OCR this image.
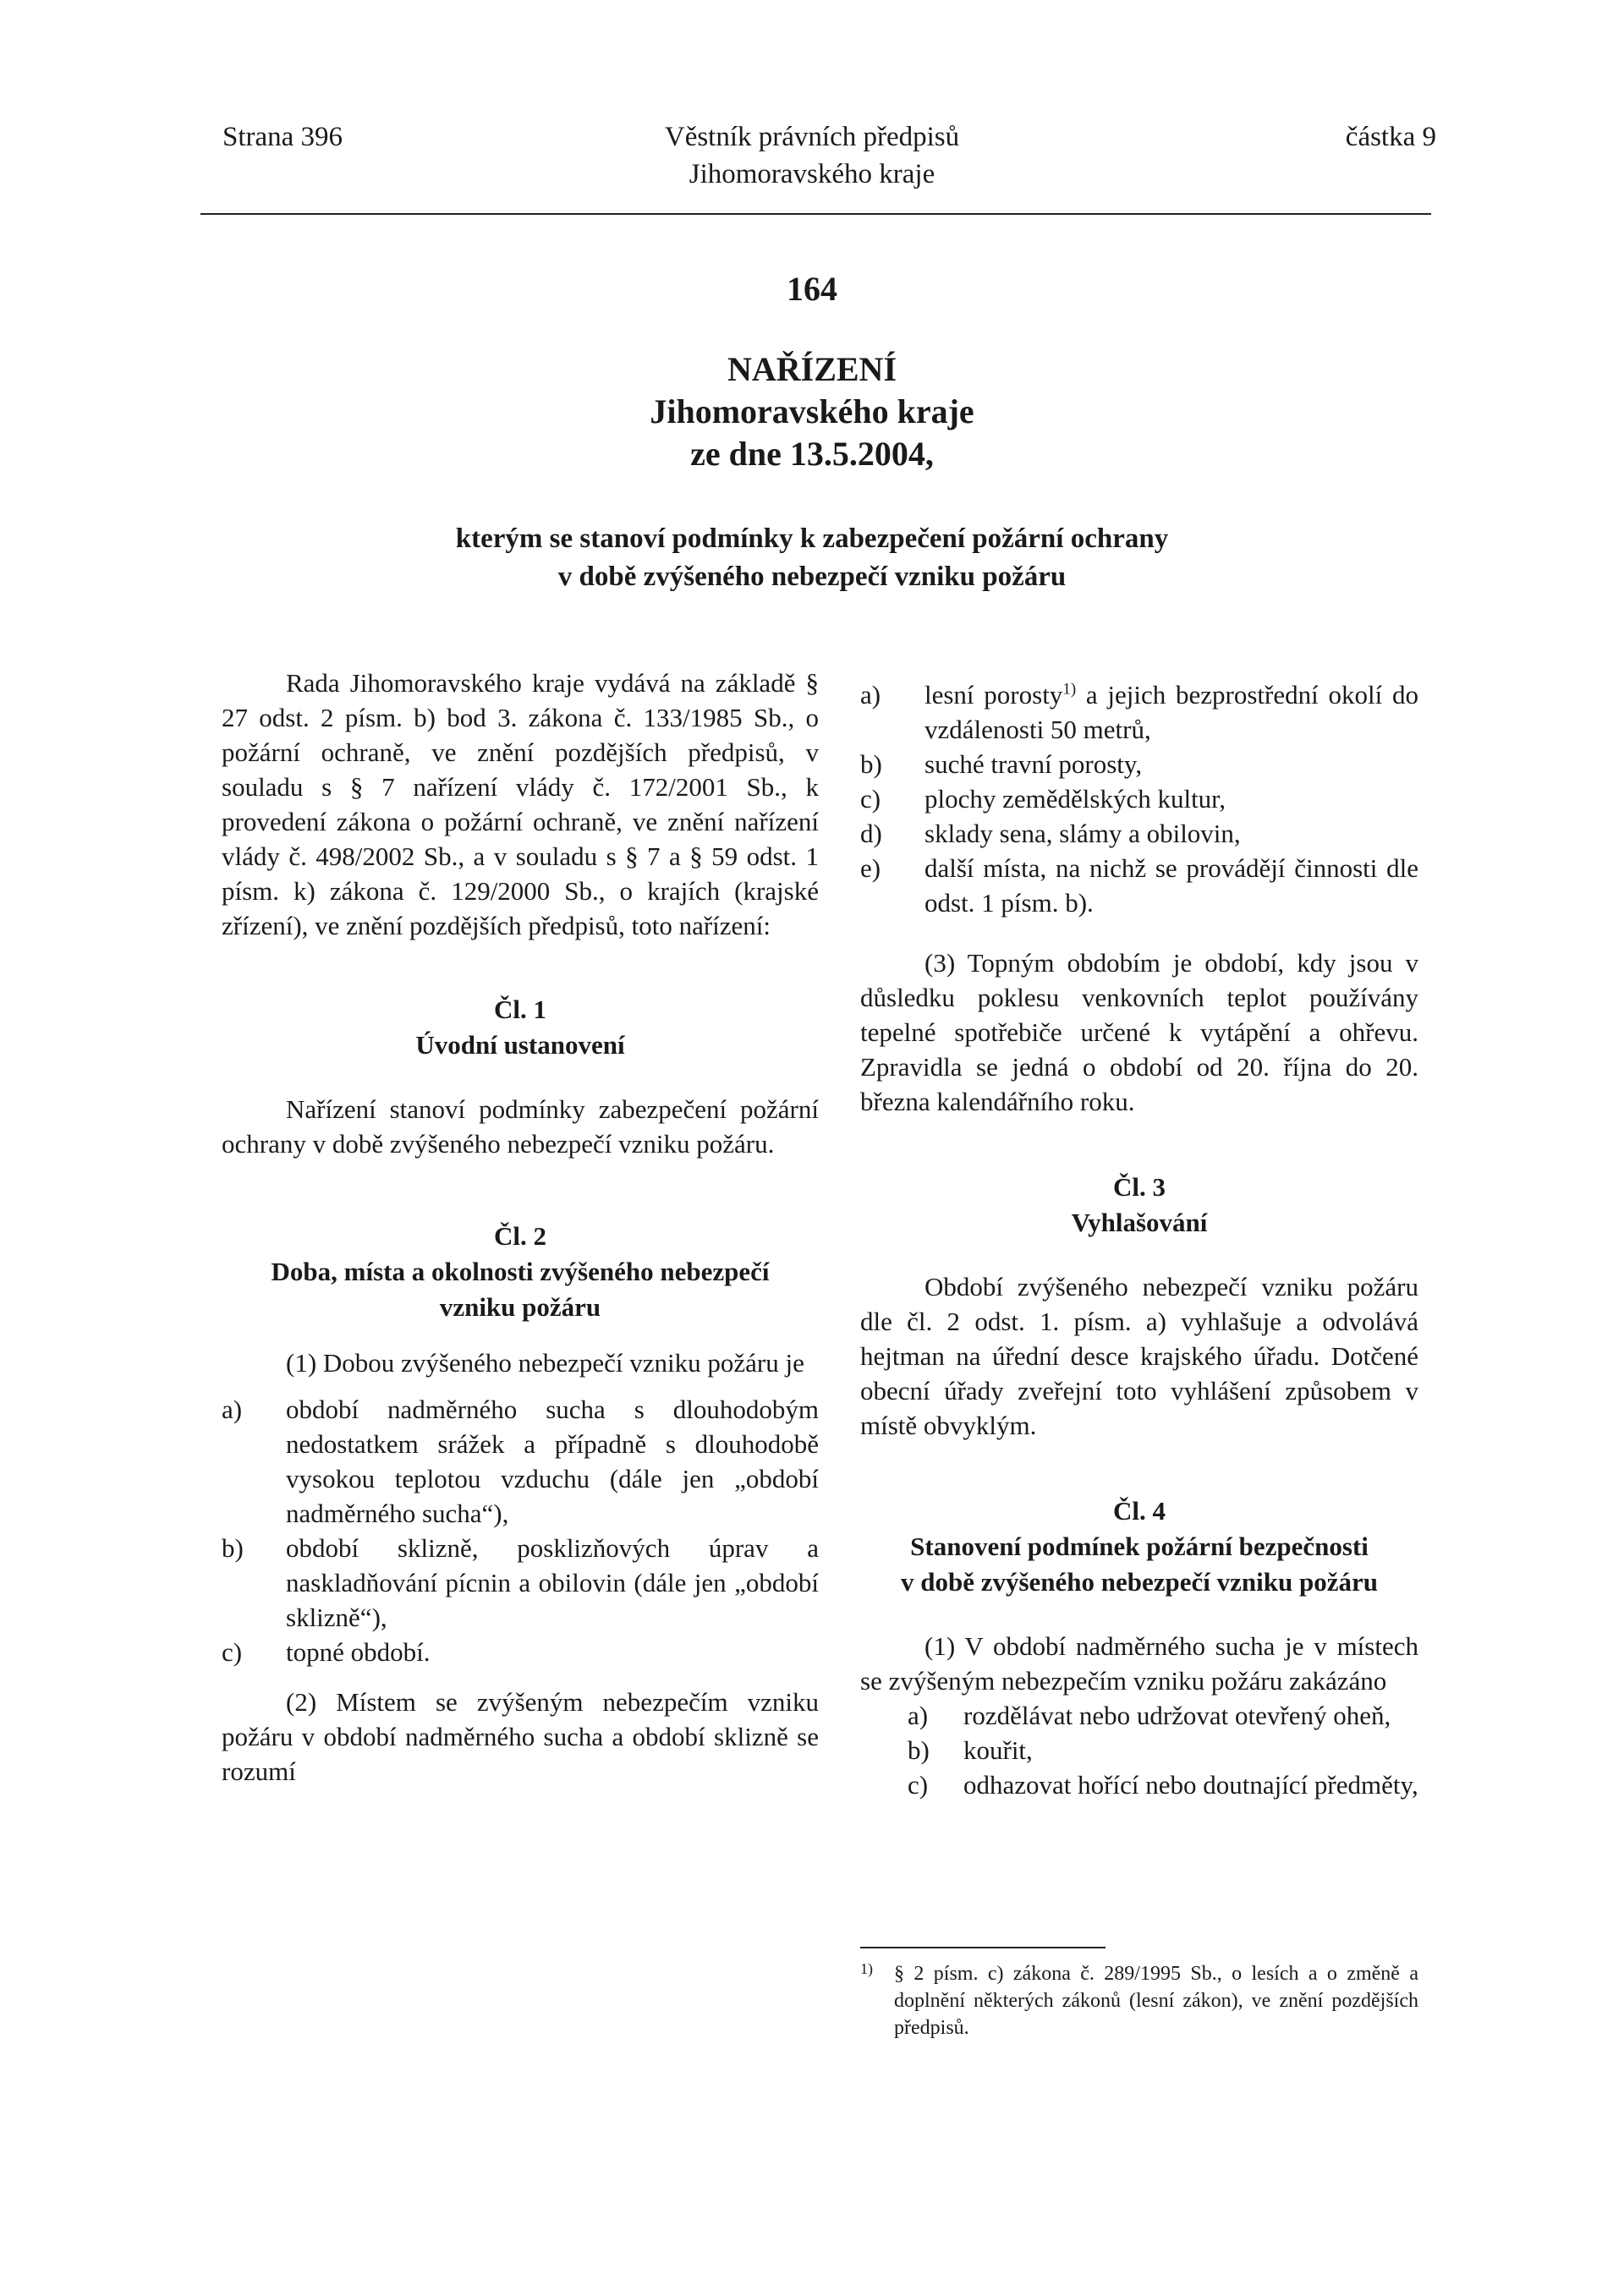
Strana 396	Věstník právních předpisů
Jihomoravského kraje
částka 9
164
NAŘÍZENÍ
Jihomoravského kraje
ze dne 13.5.2004,
kterým se stanoví podmínky k zabezpečení požární ochrany
v době zvýšeného nebezpečí vzniku požáru

Rada Jihomoravského kraje vydává na základě § 27 odst. 2 písm. b) bod 3. zákona č. 133/1985 Sb., o požární ochraně, ve znění pozdějších předpisů, v souladu s § 7 nařízení vlády č. 172/2001 Sb., k provedení zákona o požární ochraně, ve znění nařízení vlády č. 498/2002 Sb., a v souladu s § 7 a § 59 odst. 1 písm. k) zákona č. 129/2000 Sb., o krajích (krajské zřízení), ve znění pozdějších předpisů, toto nařízení:

Čl. 1
Úvodní ustanovení

Nařízení stanoví podmínky zabezpečení požární ochrany v době zvýšeného nebezpečí vzniku požáru.

Čl. 2
Doba, místa a okolnosti zvýšeného nebezpečí
vzniku požáru

(1) Dobou zvýšeného nebezpečí vzniku požáru je

a) období nadměrného sucha s dlouhodobým nedostatkem srážek a případně s dlouhodobě vysokou teplotou vzduchu (dále jen „období nadměrného sucha“),
b) období sklizně, posklizňových úprav a naskladňování pícnin a obilovin (dále jen „období sklizně“),
c) topné období.

(2) Místem se zvýšeným nebezpečím vzniku požáru v období nadměrného sucha a období sklizně se rozumí

a) lesní porosty$^{1)}$ a jejich bezprostřední okolí do vzdálenosti 50 metrů,
b) suché travní porosty,
c) plochy zemědělských kultur,
d) sklady sena, slámy a obilovin,
e) další místa, na nichž se provádějí činnosti dle odst. 1 písm. b).

(3) Topným obdobím je období, kdy jsou v důsledku poklesu venkovních teplot používány tepelné spotřebiče určené k vytápění a ohřevu. Zpravidla se jedná o období od 20. října do 20. března kalendářního roku.

Čl. 3
Vyhlašování

Období zvýšeného nebezpečí vzniku požáru dle čl. 2 odst. 1. písm. a) vyhlašuje a odvolává hejtman na úřední desce krajského úřadu. Dotčené obecní úřady zveřejní toto vyhlášení způsobem v místě obvyklým.

Čl. 4
Stanovení podmínek požární bezpečnosti
v době zvýšeného nebezpečí vzniku požáru

(1) V období nadměrného sucha je v místech se zvýšeným nebezpečím vzniku požáru zakázáno

a) rozdělávat nebo udržovat otevřený oheň,
b) kouřit,
c) odhazovat hořící nebo doutnající předměty,
1)	§ 2 písm. c) zákona č. 289/1995 Sb., o lesích a o změně a doplnění některých zákonů (lesní zákon), ve znění pozdějších předpisů.
